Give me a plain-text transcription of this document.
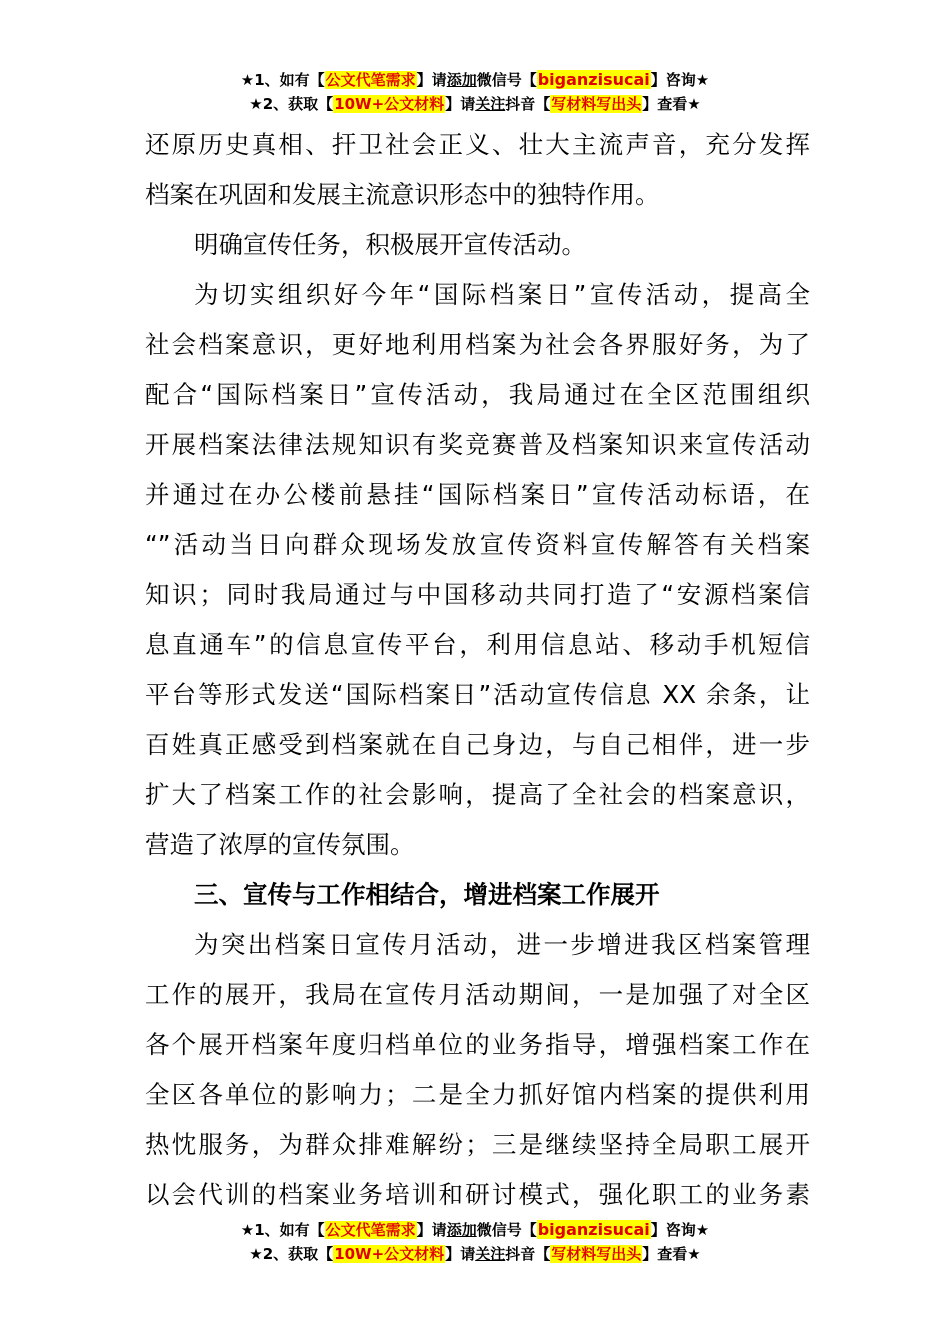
★1、如有【公文代笔需求】请添加微信号【biganzisucai】咨询★
★2、获取【10W+公文材料】请关注抖音【写材料写出头】查看★
还原历史真相、扞卫社会正义、壮大主流声音，充分发挥
档案在巩固和发展主流意识形态中的独特作用。
明确宣传任务，积极展开宣传活动。
为切实组织好今年“国际档案日”宣传活动，提高全
社会档案意识，更好地利用档案为社会各界服好务，为了
配合“国际档案日”宣传活动，我局通过在全区范围组织
开展档案法律法规知识有奖竞赛普及档案知识来宣传活动
并通过在办公楼前悬挂“国际档案日”宣传活动标语，在
“”活动当日向群众现场发放宣传资料宣传解答有关档案
知识；同时我局通过与中国移动共同打造了“安源档案信
息直通车”的信息宣传平台，利用信息站、移动手机短信
平台等形式发送“国际档案日”活动宣传信息 XX 余条，让
百姓真正感受到档案就在自己身边，与自己相伴，进一步
扩大了档案工作的社会影响，提高了全社会的档案意识，
营造了浓厚的宣传氛围。
三、宣传与工作相结合，增进档案工作展开
为突出档案日宣传月活动，进一步增进我区档案管理
工作的展开，我局在宣传月活动期间，一是加强了对全区
各个展开档案年度归档单位的业务指导，增强档案工作在
全区各单位的影响力；二是全力抓好馆内档案的提供利用
热忱服务，为群众排难解纷；三是继续坚持全局职工展开
以会代训的档案业务培训和研讨模式，强化职工的业务素
★1、如有【公文代笔需求】请添加微信号【biganzisucai】咨询★
★2、获取【10W+公文材料】请关注抖音【写材料写出头】查看★
